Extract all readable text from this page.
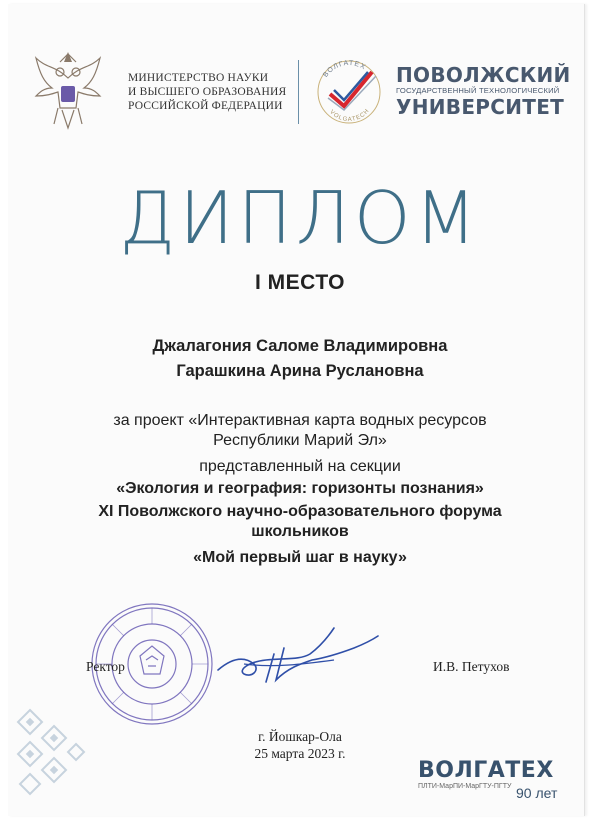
МИНИСТЕРСТВО НАУКИ
И ВЫСШЕГО ОБРАЗОВАНИЯ
РОССИЙСКОЙ ФЕДЕРАЦИИ
ВОЛГАТЕХ
VOLGATECH
ПОВОЛЖСКИЙ
ГОСУДАРСТВЕННЫЙ ТЕХНОЛОГИЧЕСКИЙ
УНИВЕРСИТЕТ
ДИПЛОМ
I МЕСТО
Джалагония Саломе Владимировна
Гарашкина Арина Руслановна
за проект «Интерактивная карта водных ресурсов
Республики Марий Эл»
представленный на секции
«Экология и география: горизонты познания»
XI Поволжского научно-образовательного форума
школьников
«Мой первый шаг в науку»
Ректор	И.В. Петухов
г. Йошкар-Ола
25 марта 2023 г.
ВОЛГАТЕХ
ПЛТИ-МарПИ-МарГТУ-ПГТУ 90 лет
